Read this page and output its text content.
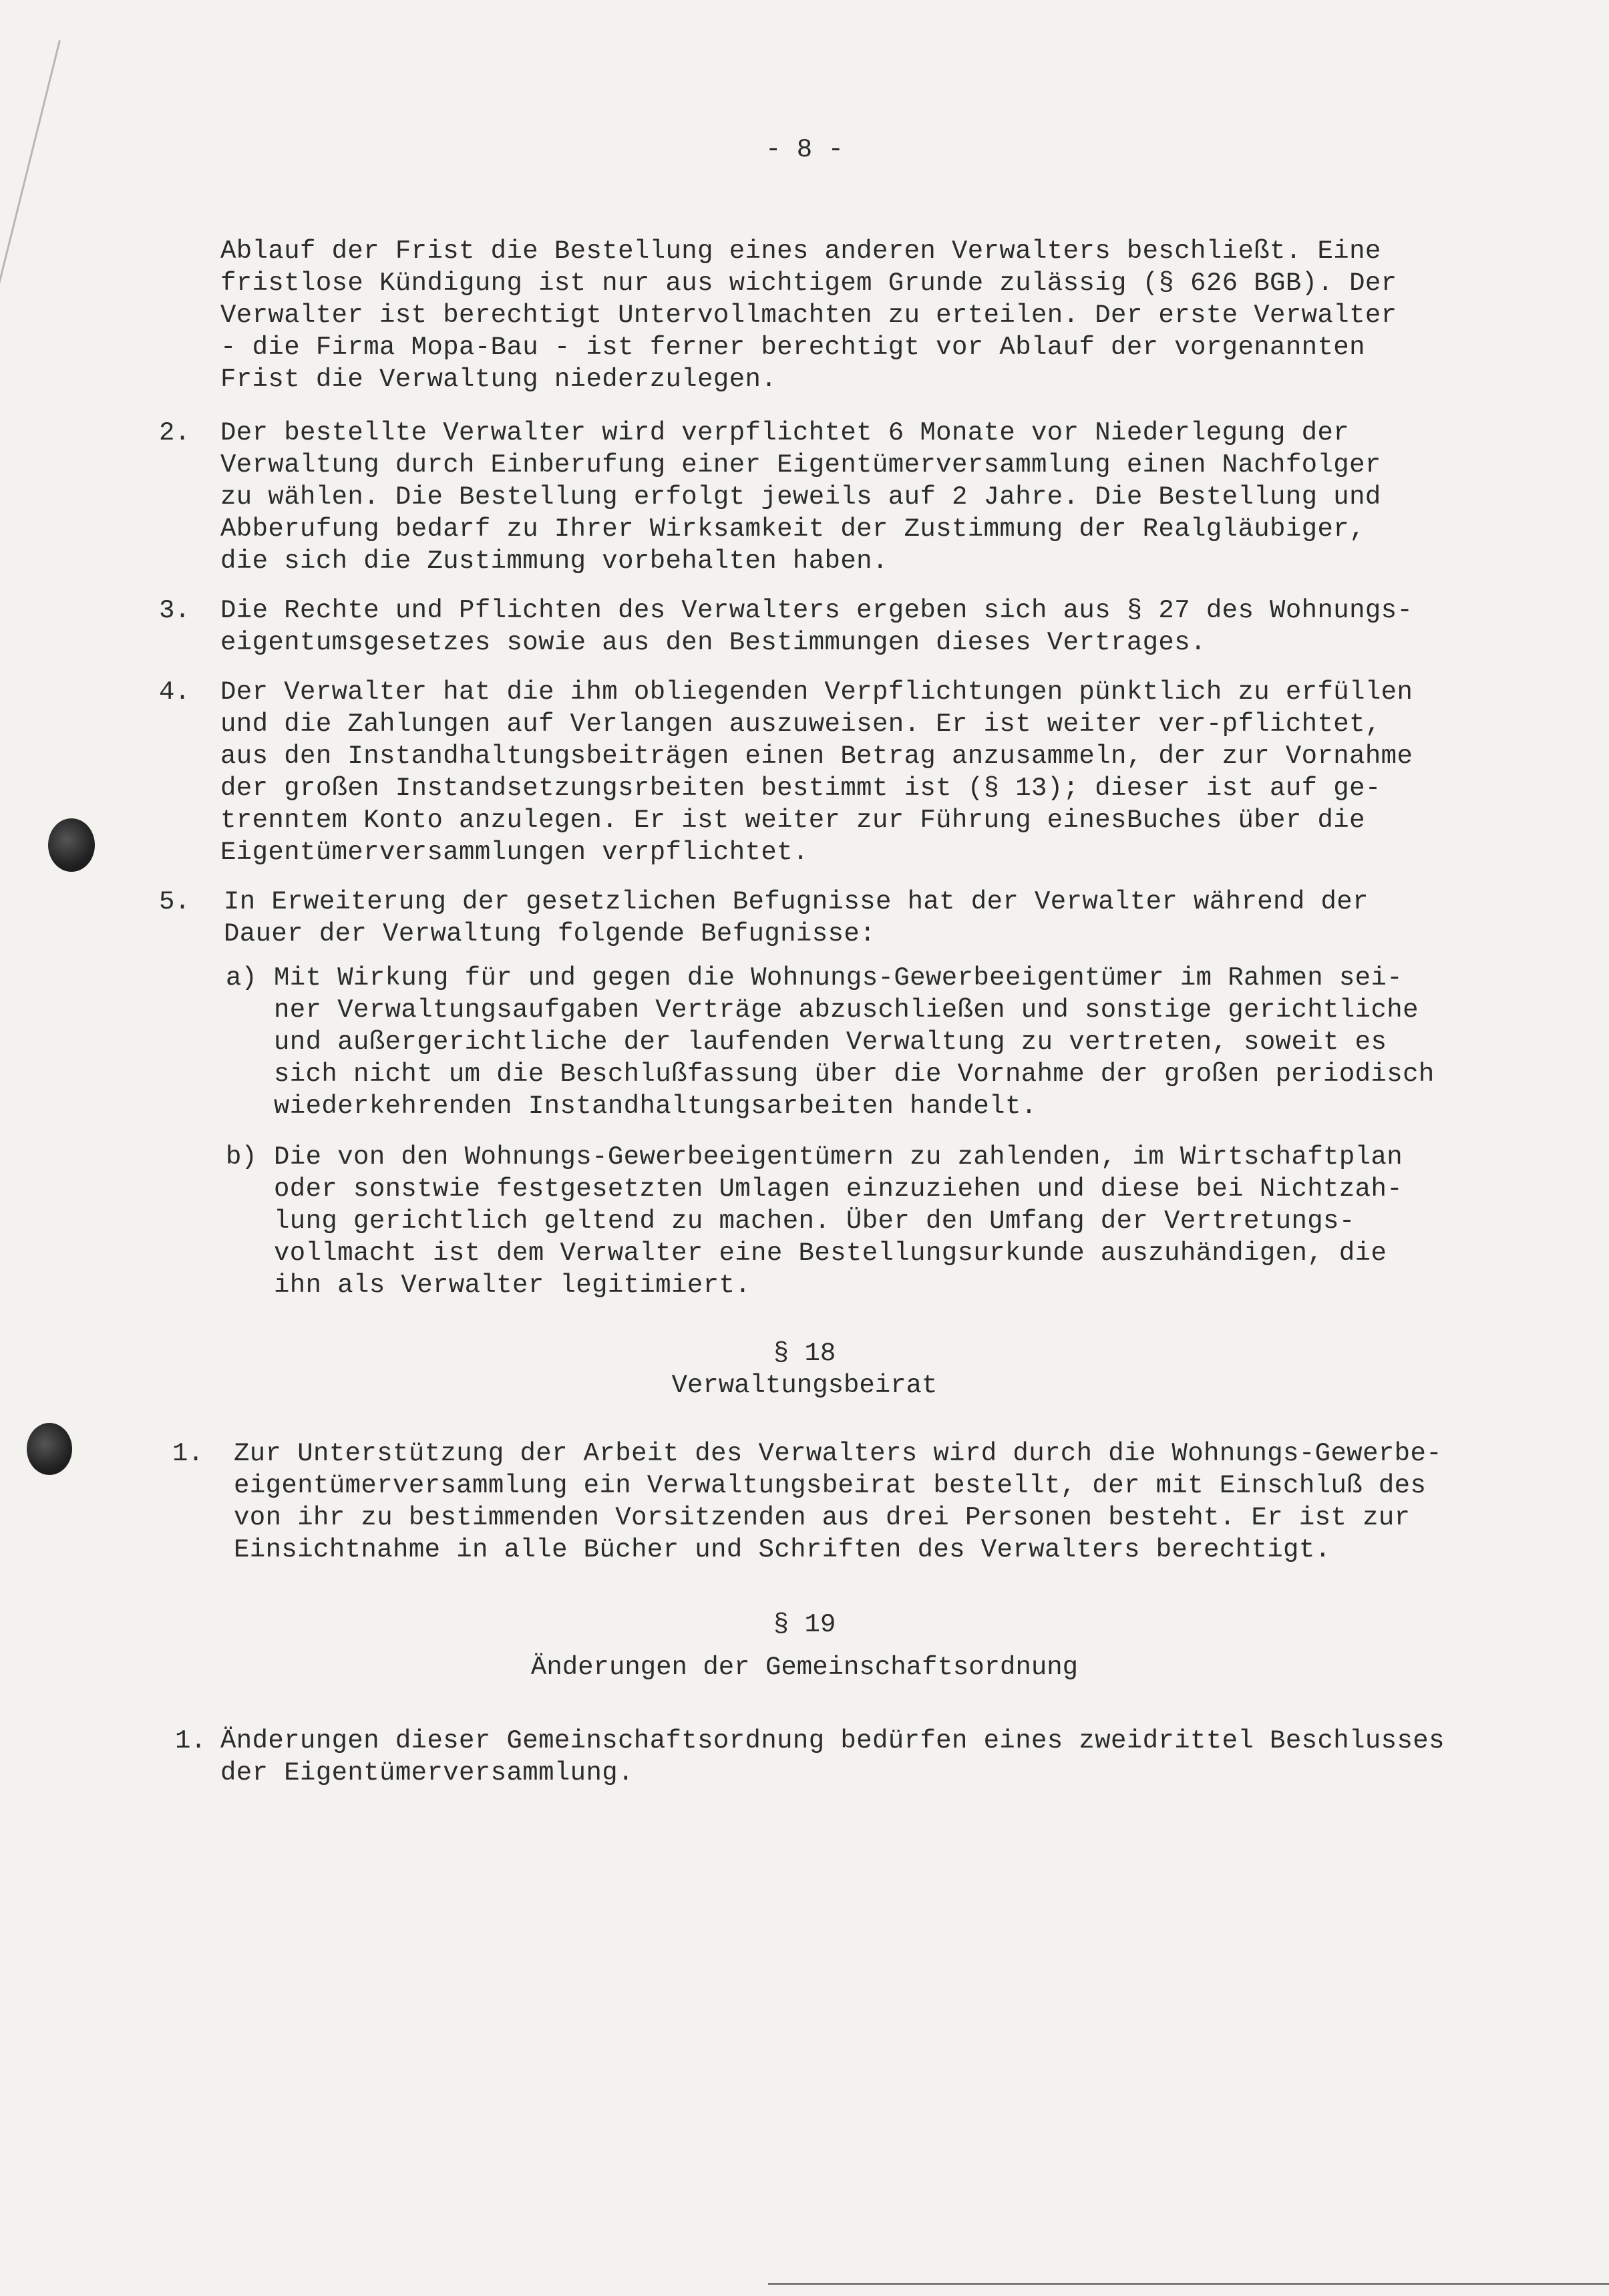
- 8 -
Ablauf der Frist die Bestellung eines anderen Verwalters beschließt. Eine
fristlose Kündigung ist nur aus wichtigem Grunde zulässig (§ 626 BGB). Der
Verwalter ist berechtigt Untervollmachten zu erteilen. Der erste Verwalter
- die Firma Mopa-Bau - ist ferner berechtigt vor Ablauf der vorgenannten
Frist die Verwaltung niederzulegen.
2. Der bestellte Verwalter wird verpflichtet 6 Monate vor Niederlegung der
Verwaltung durch Einberufung einer Eigentümerversammlung einen Nachfolger
zu wählen. Die Bestellung erfolgt jeweils auf 2 Jahre. Die Bestellung und
Abberufung bedarf zu Ihrer Wirksamkeit der Zustimmung der Realgläubiger,
die sich die Zustimmung vorbehalten haben.
3. Die Rechte und Pflichten des Verwalters ergeben sich aus § 27 des Wohnungs-
eigentumsgesetzes sowie aus den Bestimmungen dieses Vertrages.
4. Der Verwalter hat die ihm obliegenden Verpflichtungen pünktlich zu erfüllen
und die Zahlungen auf Verlangen auszuweisen. Er ist weiter ver-pflichtet,
aus den Instandhaltungsbeiträgen einen Betrag anzusammeln, der zur Vornahme
der großen Instandsetzungsrbeiten bestimmt ist (§ 13); dieser ist auf ge-
trenntem Konto anzulegen. Er ist weiter zur Führung einesBuches über die
Eigentümerversammlungen verpflichtet.
5. In Erweiterung der gesetzlichen Befugnisse hat der Verwalter während der
Dauer der Verwaltung folgende Befugnisse:
a) Mit Wirkung für und gegen die Wohnungs-Gewerbeeigentümer im Rahmen sei-
ner Verwaltungsaufgaben Verträge abzuschließen und sonstige gerichtliche
und außergerichtliche der laufenden Verwaltung zu vertreten, soweit es
sich nicht um die Beschlußfassung über die Vornahme der großen periodisch
wiederkehrenden Instandhaltungsarbeiten handelt.
b) Die von den Wohnungs-Gewerbeeigentümern zu zahlenden, im Wirtschaftplan
oder sonstwie festgesetzten Umlagen einzuziehen und diese bei Nichtzah-
lung gerichtlich geltend zu machen. Über den Umfang der Vertretungs-
vollmacht ist dem Verwalter eine Bestellungsurkunde auszuhändigen, die
ihn als Verwalter legitimiert.
§ 18
Verwaltungsbeirat
1. Zur Unterstützung der Arbeit des Verwalters wird durch die Wohnungs-Gewerbe-
eigentümerversammlung ein Verwaltungsbeirat bestellt, der mit Einschluß des
von ihr zu bestimmenden Vorsitzenden aus drei Personen besteht. Er ist zur
Einsichtnahme in alle Bücher und Schriften des Verwalters berechtigt.
§ 19
Änderungen der Gemeinschaftsordnung
1. Änderungen dieser Gemeinschaftsordnung bedürfen eines zweidrittel Beschlusses
der Eigentümerversammlung.
